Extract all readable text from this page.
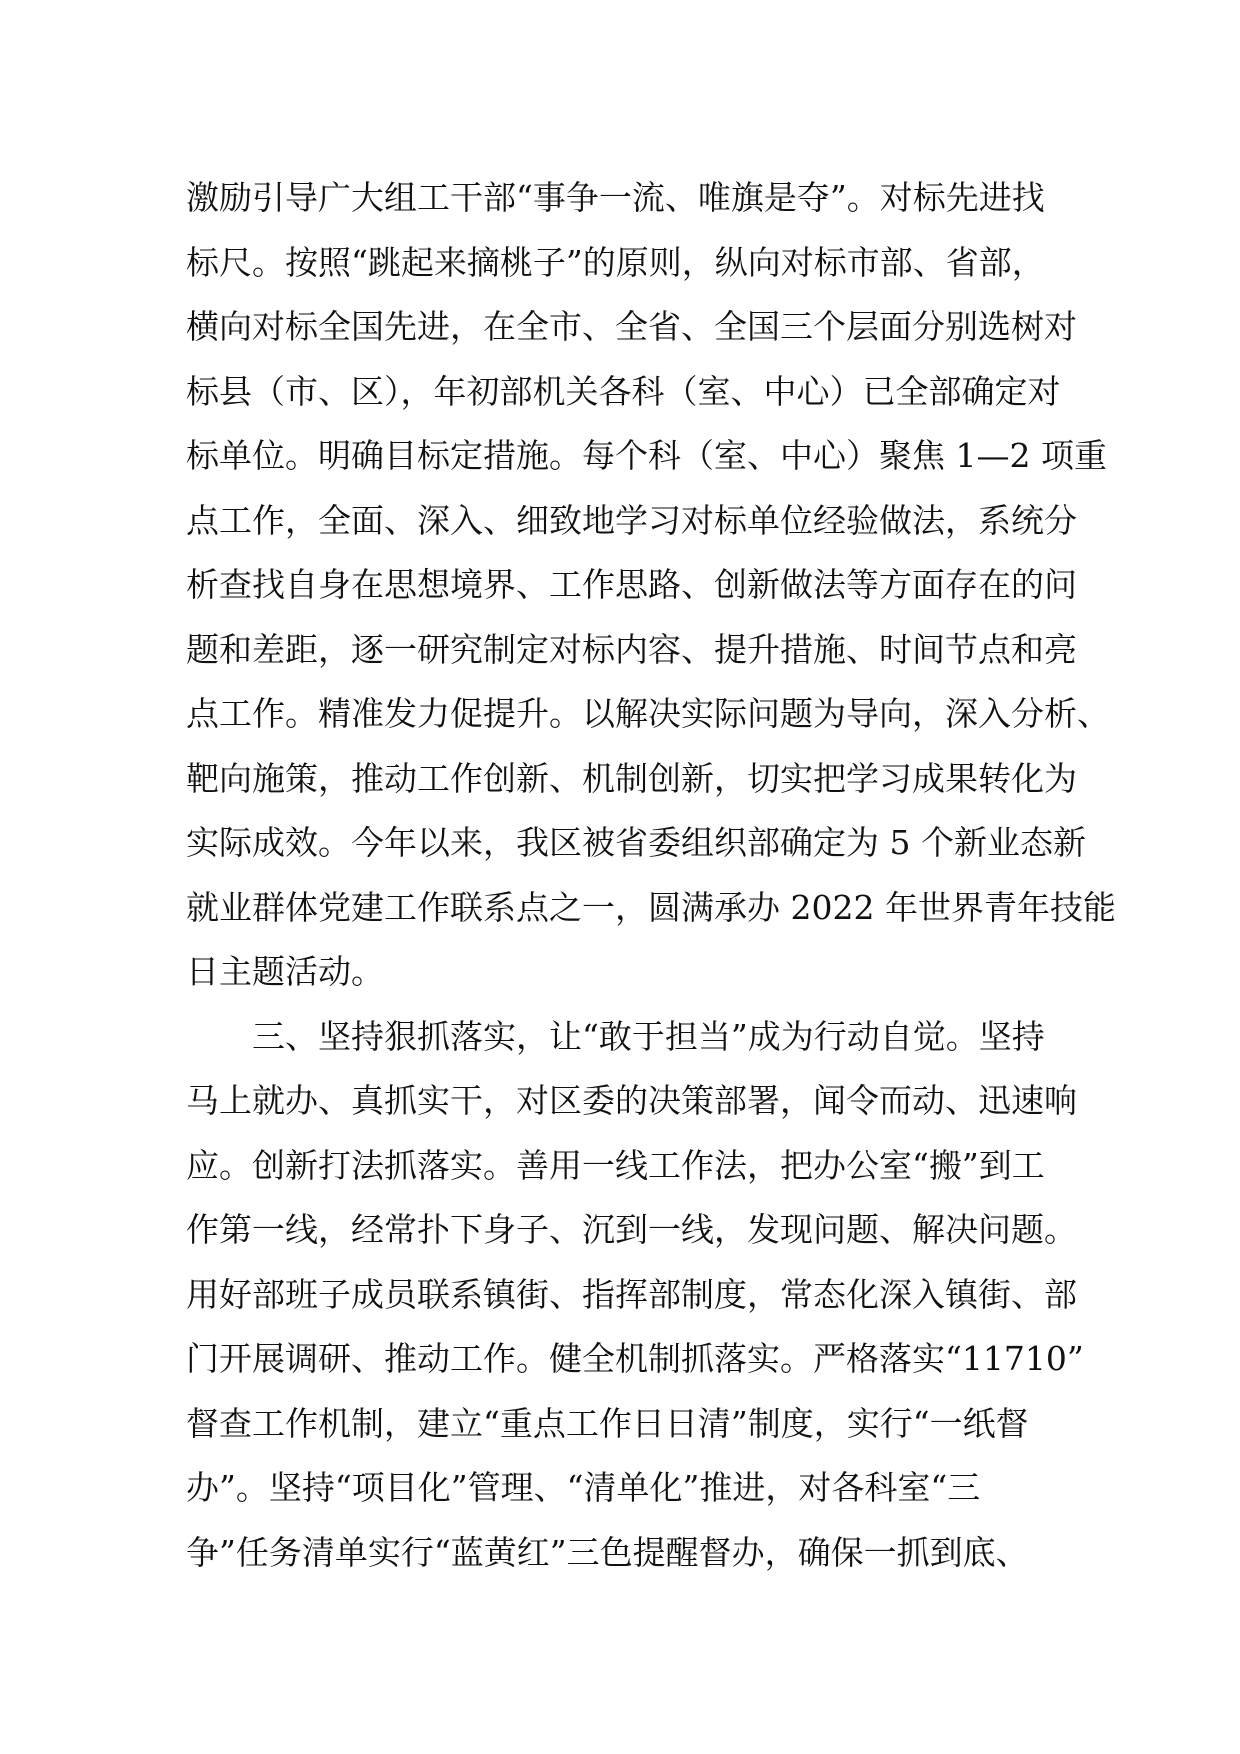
激励引导广大组工干部“事争一流、唯旗是夺”。对标先进找
标尺。按照“跳起来摘桃子”的原则，纵向对标市部、省部，
横向对标全国先进，在全市、全省、全国三个层面分别选树对
标县（市、区），年初部机关各科（室、中心）已全部确定对
标单位。明确目标定措施。每个科（室、中心）聚焦 1—2 项重
点工作，全面、深入、细致地学习对标单位经验做法，系统分
析查找自身在思想境界、工作思路、创新做法等方面存在的问
题和差距，逐一研究制定对标内容、提升措施、时间节点和亮
点工作。精准发力促提升。以解决实际问题为导向，深入分析、
靶向施策，推动工作创新、机制创新，切实把学习成果转化为
实际成效。今年以来，我区被省委组织部确定为 5 个新业态新
就业群体党建工作联系点之一，圆满承办 2022 年世界青年技能
日主题活动。
三、坚持狠抓落实，让“敢于担当”成为行动自觉。坚持
马上就办、真抓实干，对区委的决策部署，闻令而动、迅速响
应。创新打法抓落实。善用一线工作法，把办公室“搬”到工
作第一线，经常扑下身子、沉到一线，发现问题、解决问题。
用好部班子成员联系镇街、指挥部制度，常态化深入镇街、部
门开展调研、推动工作。健全机制抓落实。严格落实“11710”
督查工作机制，建立“重点工作日日清”制度，实行“一纸督
办”。坚持“项目化”管理、“清单化”推进，对各科室“三
争”任务清单实行“蓝黄红”三色提醒督办，确保一抓到底、
